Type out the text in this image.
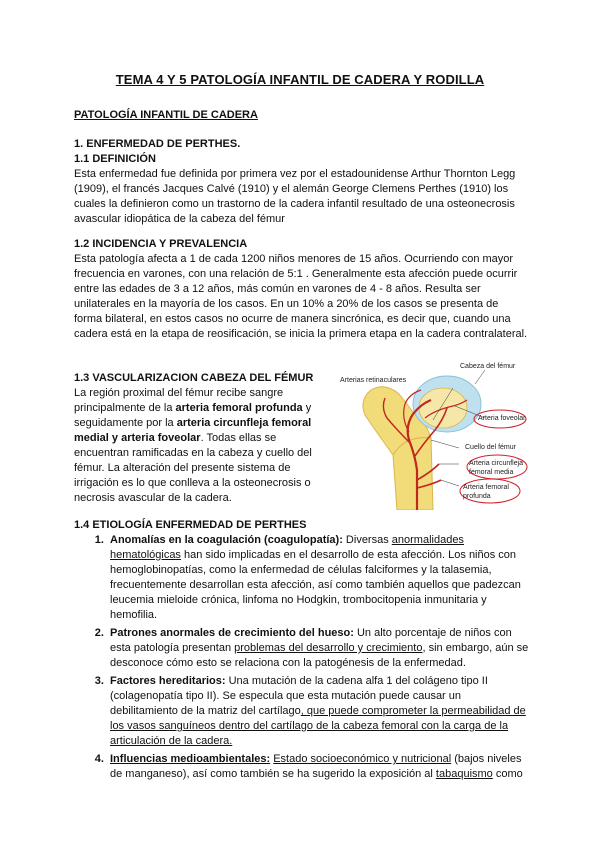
TEMA 4 Y 5 PATOLOGÍA INFANTIL DE CADERA Y RODILLA
PATOLOGÍA INFANTIL DE CADERA

1. ENFERMEDAD DE PERTHES.

1.1 DEFINICIÓN

Esta enfermedad fue definida por primera vez por el estadounidense Arthur Thornton Legg (1909), el francés Jacques Calvé (1910) y el alemán George Clemens Perthes (1910) los cuales la definieron como un trastorno de la cadera infantil resultado de una osteonecrosis avascular idiopática de la cabeza del fémur

1.2 INCIDENCIA Y PREVALENCIA

Esta patología afecta a 1 de cada 1200 niños menores de 15 años. Ocurriendo con mayor frecuencia en varones, con una relación de 5:1 . Generalmente esta afección puede ocurrir entre las edades de 3 a 12 años, más común en varones de 4 - 8 años. Resulta ser unilaterales en la mayoría de los casos. En un 10% a 20% de los casos se presenta de forma bilateral, en estos casos no ocurre de manera sincrónica, es decir que, cuando una cadera está en la etapa de reosificación, se inicia la primera etapa en la cadera contralateral.

1.3 VASCULARIZACION CABEZA DEL FÉMUR

La región proximal del fémur recibe sangre principalmente de la arteria femoral profunda y seguidamente por la arteria circunfleja femoral medial y arteria foveolar. Todas ellas se encuentran ramificadas en la cabeza y cuello del fémur. La alteración del presente sistema de irrigación es lo que conlleva a la osteonecrosis o necrosis avascular de la cadera.

Cabeza del fémur
Arterias retinaculares
Arteria foveolar
Cuello del fémur
Arteria circunfleja
femoral media
Arteria femoral
profunda

1.4 ETIOLOGÍA ENFERMEDAD DE PERTHES

1. Anomalías en la coagulación (coagulopatía): Diversas anormalidades hematológicas han sido implicadas en el desarrollo de esta afección. Los niños con hemoglobinopatías, como la enfermedad de células falciformes y la talasemia, frecuentemente desarrollan esta afección, así como también aquellos que padezcan leucemia mieloide crónica, linfoma no Hodgkin, trombocitopenia inmunitaria y hemofilia.
2. Patrones anormales de crecimiento del hueso: Un alto porcentaje de niños con esta patología presentan problemas del desarrollo y crecimiento, sin embargo, aún se desconoce cómo esto se relaciona con la patogénesis de la enfermedad.
3. Factores hereditarios: Una mutación de la cadena alfa 1 del colágeno tipo II (colagenopatía tipo II). Se especula que esta mutación puede causar un debilitamiento de la matriz del cartílago, que puede comprometer la permeabilidad de los vasos sanguíneos dentro del cartílago de la cabeza femoral con la carga de la articulación de la cadera.
4. Influencias medioambientales: Estado socioeconómico y nutricional (bajos niveles de manganeso), así como también se ha sugerido la exposición al tabaquismo como
